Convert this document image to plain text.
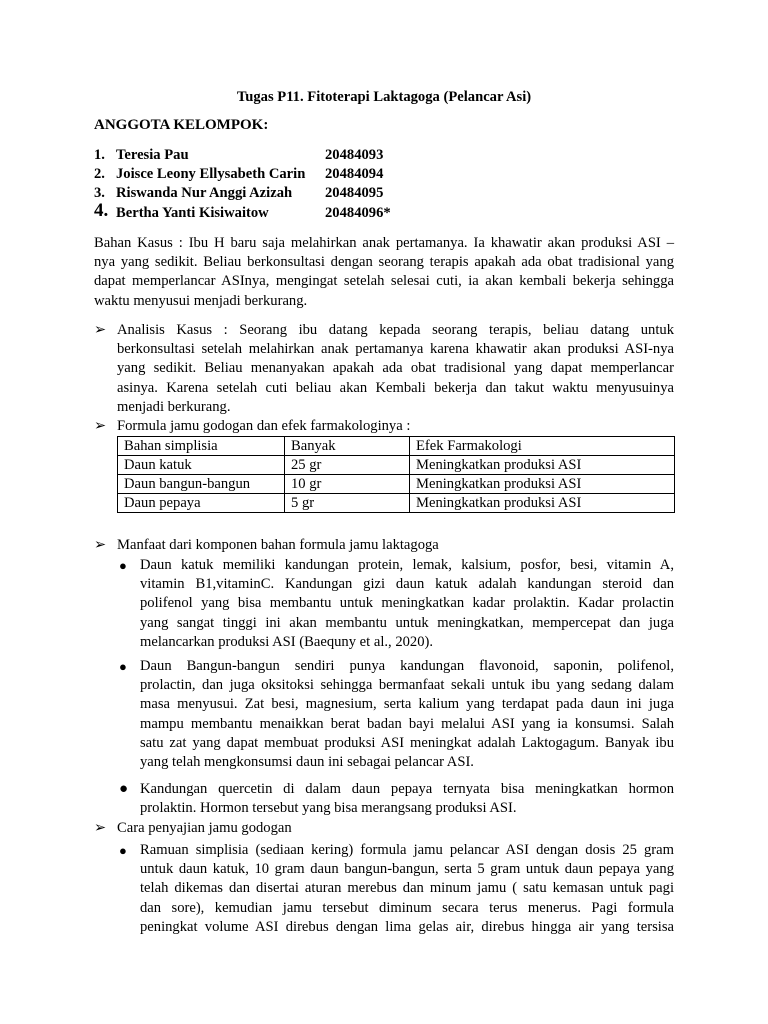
Tugas P11. Fitoterapi Laktagoga (Pelancar Asi)
ANGGOTA KELOMPOK:
1. Teresia Pau	20484093
2. Joisce Leony Ellysabeth Carin 20484094
3. Riswanda Nur Anggi Azizah 20484095
4. Bertha Yanti Kisiwaitow	20484096*
Bahan Kasus : Ibu H baru saja melahirkan anak pertamanya. Ia khawatir akan produksi ASI –
nya yang sedikit. Beliau berkonsultasi dengan seorang terapis apakah ada obat tradisional yang
dapat memperlancar ASInya, mengingat setelah selesai cuti, ia akan kembali bekerja sehingga
waktu menyusui menjadi berkurang.
➢ Analisis Kasus : Seorang ibu datang kepada seorang terapis, beliau datang untuk
berkonsultasi setelah melahirkan anak pertamanya karena khawatir akan produksi ASI-nya
yang sedikit. Beliau menanyakan apakah ada obat tradisional yang dapat memperlancar
asinya. Karena setelah cuti beliau akan Kembali bekerja dan takut waktu menyusuinya
menjadi berkurang.
➢ Formula jamu godogan dan efek farmakologinya :
Bahan simplisia	Banyak	Efek Farmakologi
Daun katuk	25 gr	Meningkatkan produksi ASI
Daun bangun-bangun	10 gr	Meningkatkan produksi ASI
Daun pepaya	5 gr	Meningkatkan produksi ASI
➢ Manfaat dari komponen bahan formula jamu laktagoga
● Daun katuk memiliki kandungan protein, lemak, kalsium, posfor, besi, vitamin A,
vitamin B1,vitaminC. Kandungan gizi daun katuk adalah kandungan steroid dan
polifenol yang bisa membantu untuk meningkatkan kadar prolaktin. Kadar prolactin
yang sangat tinggi ini akan membantu untuk meningkatkan, mempercepat dan juga
melancarkan produksi ASI (Baequny et al., 2020).
● Daun Bangun-bangun sendiri punya kandungan flavonoid, saponin, polifenol,
prolactin, dan juga oksitoksi sehingga bermanfaat sekali untuk ibu yang sedang dalam
masa menyusui. Zat besi, magnesium, serta kalium yang terdapat pada daun ini juga
mampu membantu menaikkan berat badan bayi melalui ASI yang ia konsumsi. Salah
satu zat yang dapat membuat produksi ASI meningkat adalah Laktogagum. Banyak ibu
yang telah mengkonsumsi daun ini sebagai pelancar ASI.
● Kandungan quercetin di dalam daun pepaya ternyata bisa meningkatkan hormon
prolaktin. Hormon tersebut yang bisa merangsang produksi ASI.
➢ Cara penyajian jamu godogan
● Ramuan simplisia (sediaan kering) formula jamu pelancar ASI dengan dosis 25 gram
untuk daun katuk, 10 gram daun bangun-bangun, serta 5 gram untuk daun pepaya yang
telah dikemas dan disertai aturan merebus dan minum jamu ( satu kemasan untuk pagi
dan sore), kemudian jamu tersebut diminum secara terus menerus. Pagi formula
peningkat volume ASI direbus dengan lima gelas air, direbus hingga air yang tersisa
